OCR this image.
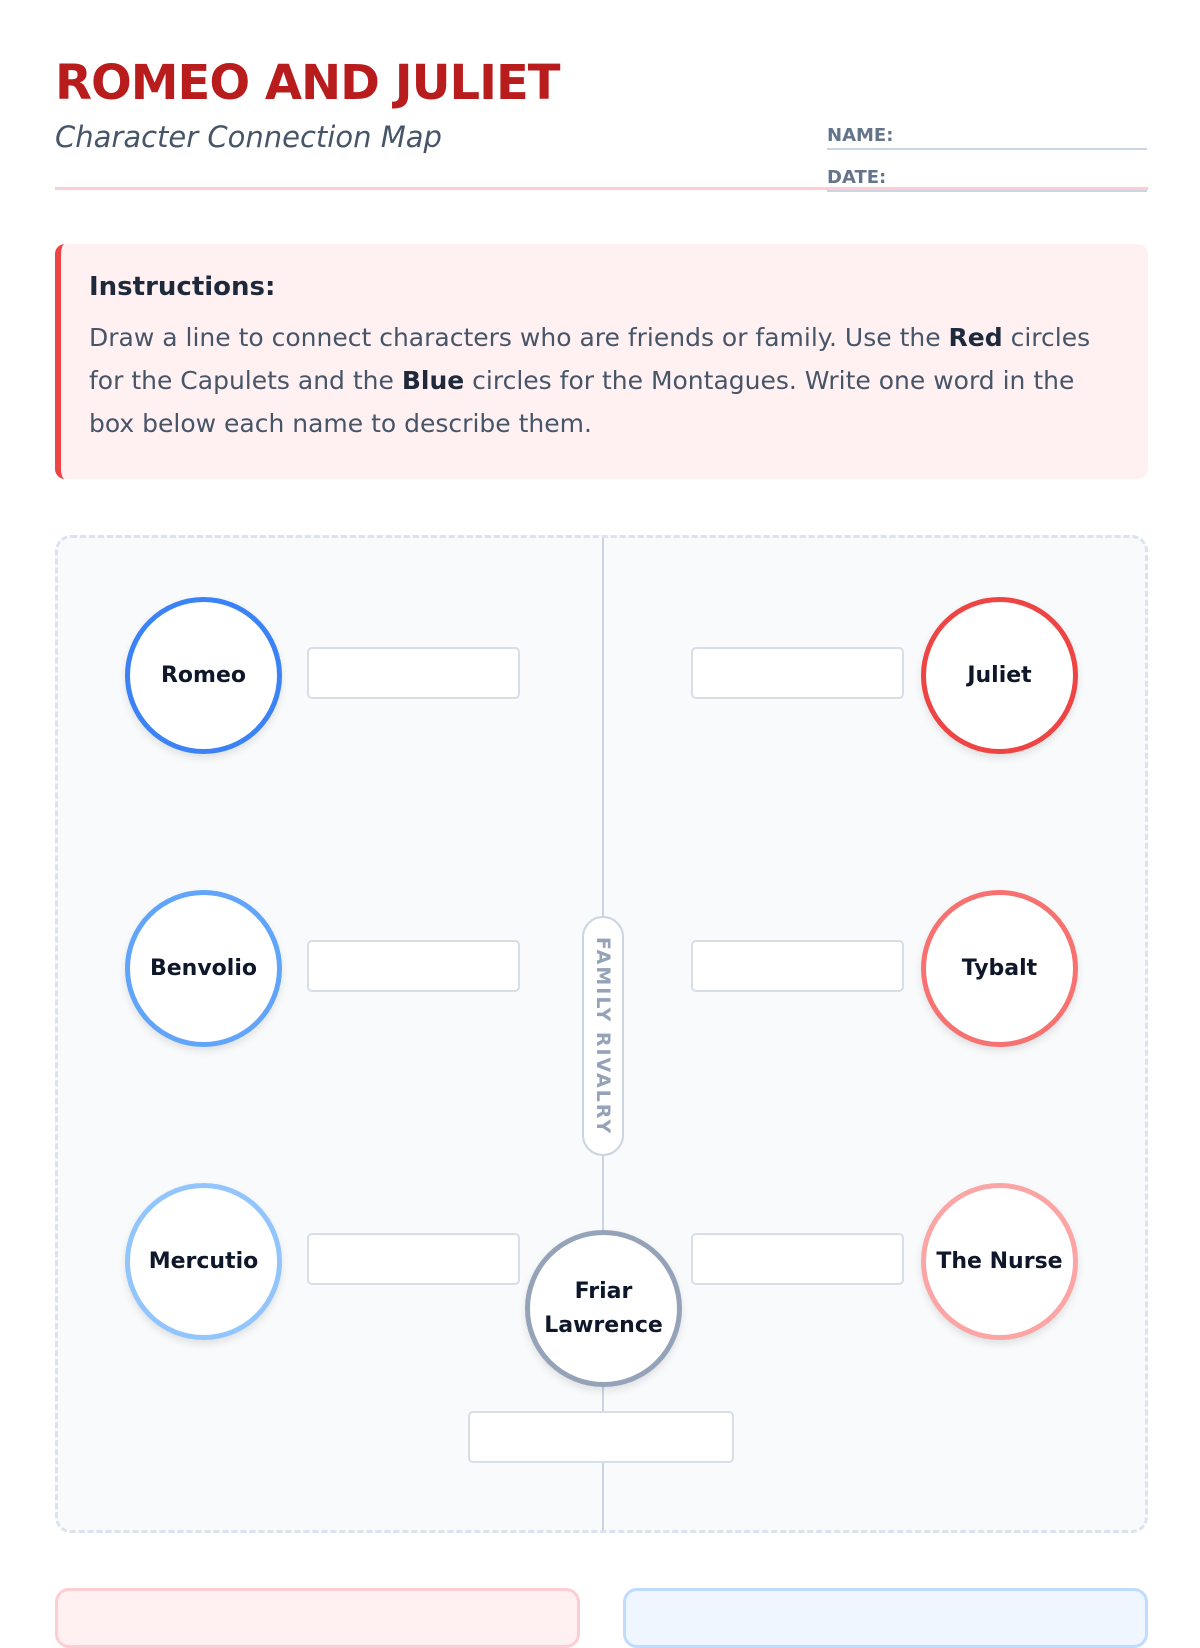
ROMEO AND JULIET
Character Connection Map	NAME:
DATE:

Instructions:

Draw a line to connect characters who are friends or family. Use the Red circles for the Capulets and the Blue circles for the Montagues. Write one word in the box below each name to describe them.

FAMILY RIVALRY
Romeo
Benvolio
Mercutio
Juliet
Tybalt
The Nurse
Friar
Lawrence
